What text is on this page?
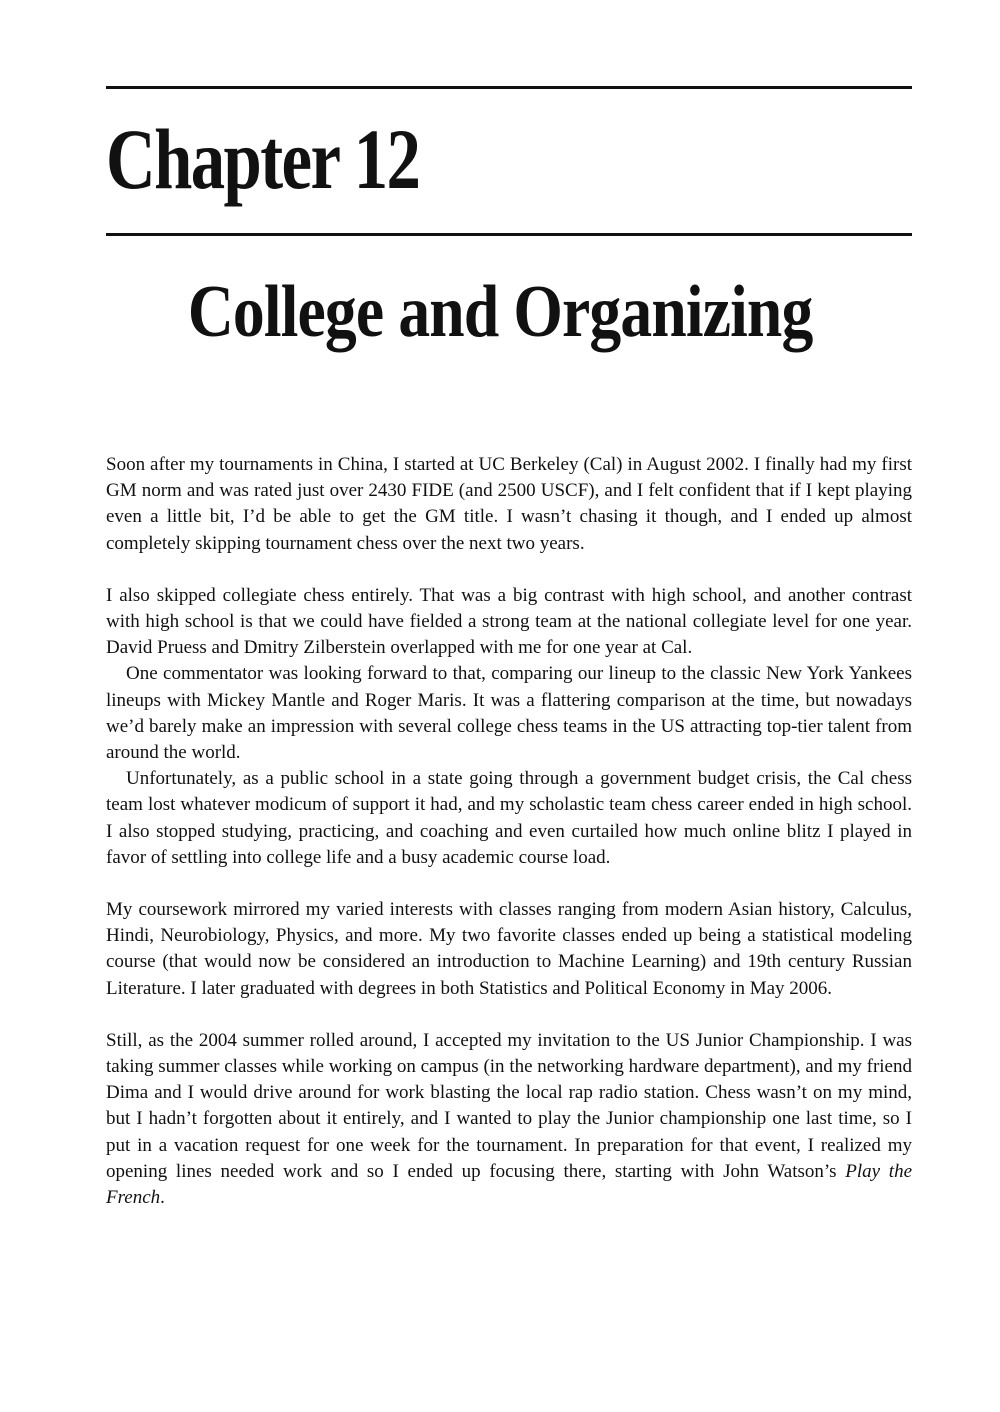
Chapter 12
College and Organizing

Soon after my tournaments in China, I started at UC Berkeley (Cal) in August 2002. I finally had my first GM norm and was rated just over 2430 FIDE (and 2500 USCF), and I felt confident that if I kept playing even a little bit, I’d be able to get the GM title. I wasn’t chasing it though, and I ended up almost completely skipping tournament chess over the next two years.

I also skipped collegiate chess entirely. That was a big contrast with high school, and another contrast with high school is that we could have fielded a strong team at the national collegiate level for one year. David Pruess and Dmitry Zilberstein overlapped with me for one year at Cal.

One commentator was looking forward to that, comparing our lineup to the classic New York Yankees lineups with Mickey Mantle and Roger Maris. It was a flattering comparison at the time, but nowadays we’d barely make an impression with several college chess teams in the US attracting top-tier talent from around the world.

Unfortunately, as a public school in a state going through a government budget crisis, the Cal chess team lost whatever modicum of support it had, and my scholastic team chess career ended in high school. I also stopped studying, practicing, and coaching and even curtailed how much online blitz I played in favor of settling into college life and a busy academic course load.

My coursework mirrored my varied interests with classes ranging from modern Asian history, Calculus, Hindi, Neurobiology, Physics, and more. My two favorite classes ended up being a statistical modeling course (that would now be considered an introduction to Machine Learning) and 19th century Russian Literature. I later graduated with degrees in both Statistics and Political Economy in May 2006.

Still, as the 2004 summer rolled around, I accepted my invitation to the US Junior Championship. I was taking summer classes while working on campus (in the networking hardware department), and my friend Dima and I would drive around for work blasting the local rap radio station. Chess wasn’t on my mind, but I hadn’t forgotten about it entirely, and I wanted to play the Junior championship one last time, so I put in a vacation request for one week for the tournament. In preparation for that event, I realized my opening lines needed work and so I ended up focusing there, starting with John Watson’s Play the French.
